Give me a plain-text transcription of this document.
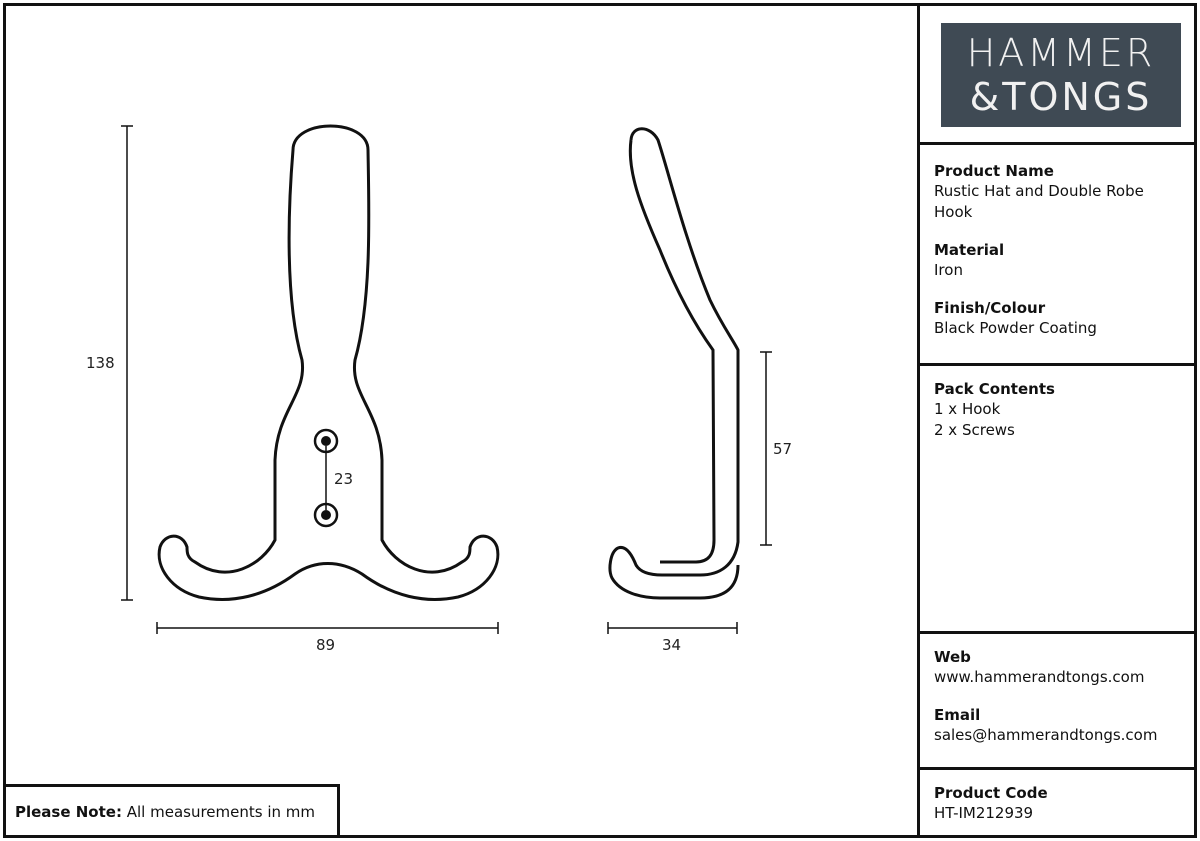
138
89
23
57
34
HAMMER
&TONGS
Product Name
Rustic Hat and Double Robe Hook
Material
Iron
Finish/Colour
Black Powder Coating
Pack Contents
1 x Hook
2 x Screws
Web
www.hammerandtongs.com
Email
sales@hammerandtongs.com
Product Code
HT-IM212939
Please Note: All measurements in mm
